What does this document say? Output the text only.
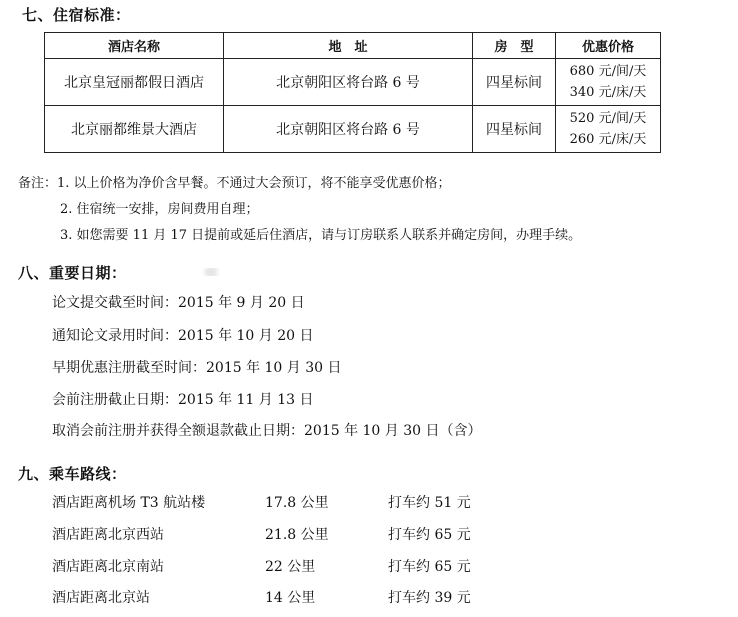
七、住宿标准：
酒店名称	地　址	房　型	优惠价格
北京皇冠丽都假日酒店	北京朝阳区将台路 6 号	四星标间	680 元/间/天
340 元/床/天

北京丽都维景大酒店	北京朝阳区将台路 6 号	四星标间	520 元/间/天
260 元/床/天
备注：1. 以上价格为净价含早餐。不通过大会预订，将不能享受优惠价格；
2. 住宿统一安排，房间费用自理；
3. 如您需要 11 月 17 日提前或延后住酒店，请与订房联系人联系并确定房间，办理手续。
八、重要日期：
论文提交截至时间：2015 年 9 月 20 日
通知论文录用时间：2015 年 10 月 20 日
早期优惠注册截至时间：2015 年 10 月 30 日
会前注册截止日期：2015 年 11 月 13 日
取消会前注册并获得全额退款截止日期：2015 年 10 月 30 日（含）
九、乘车路线：
酒店距离机场 T3 航站楼	17.8 公里	打车约 51 元
酒店距离北京西站	21.8 公里	打车约 65 元
酒店距离北京南站	22 公里	打车约 65 元
酒店距离北京站	14 公里	打车约 39 元
